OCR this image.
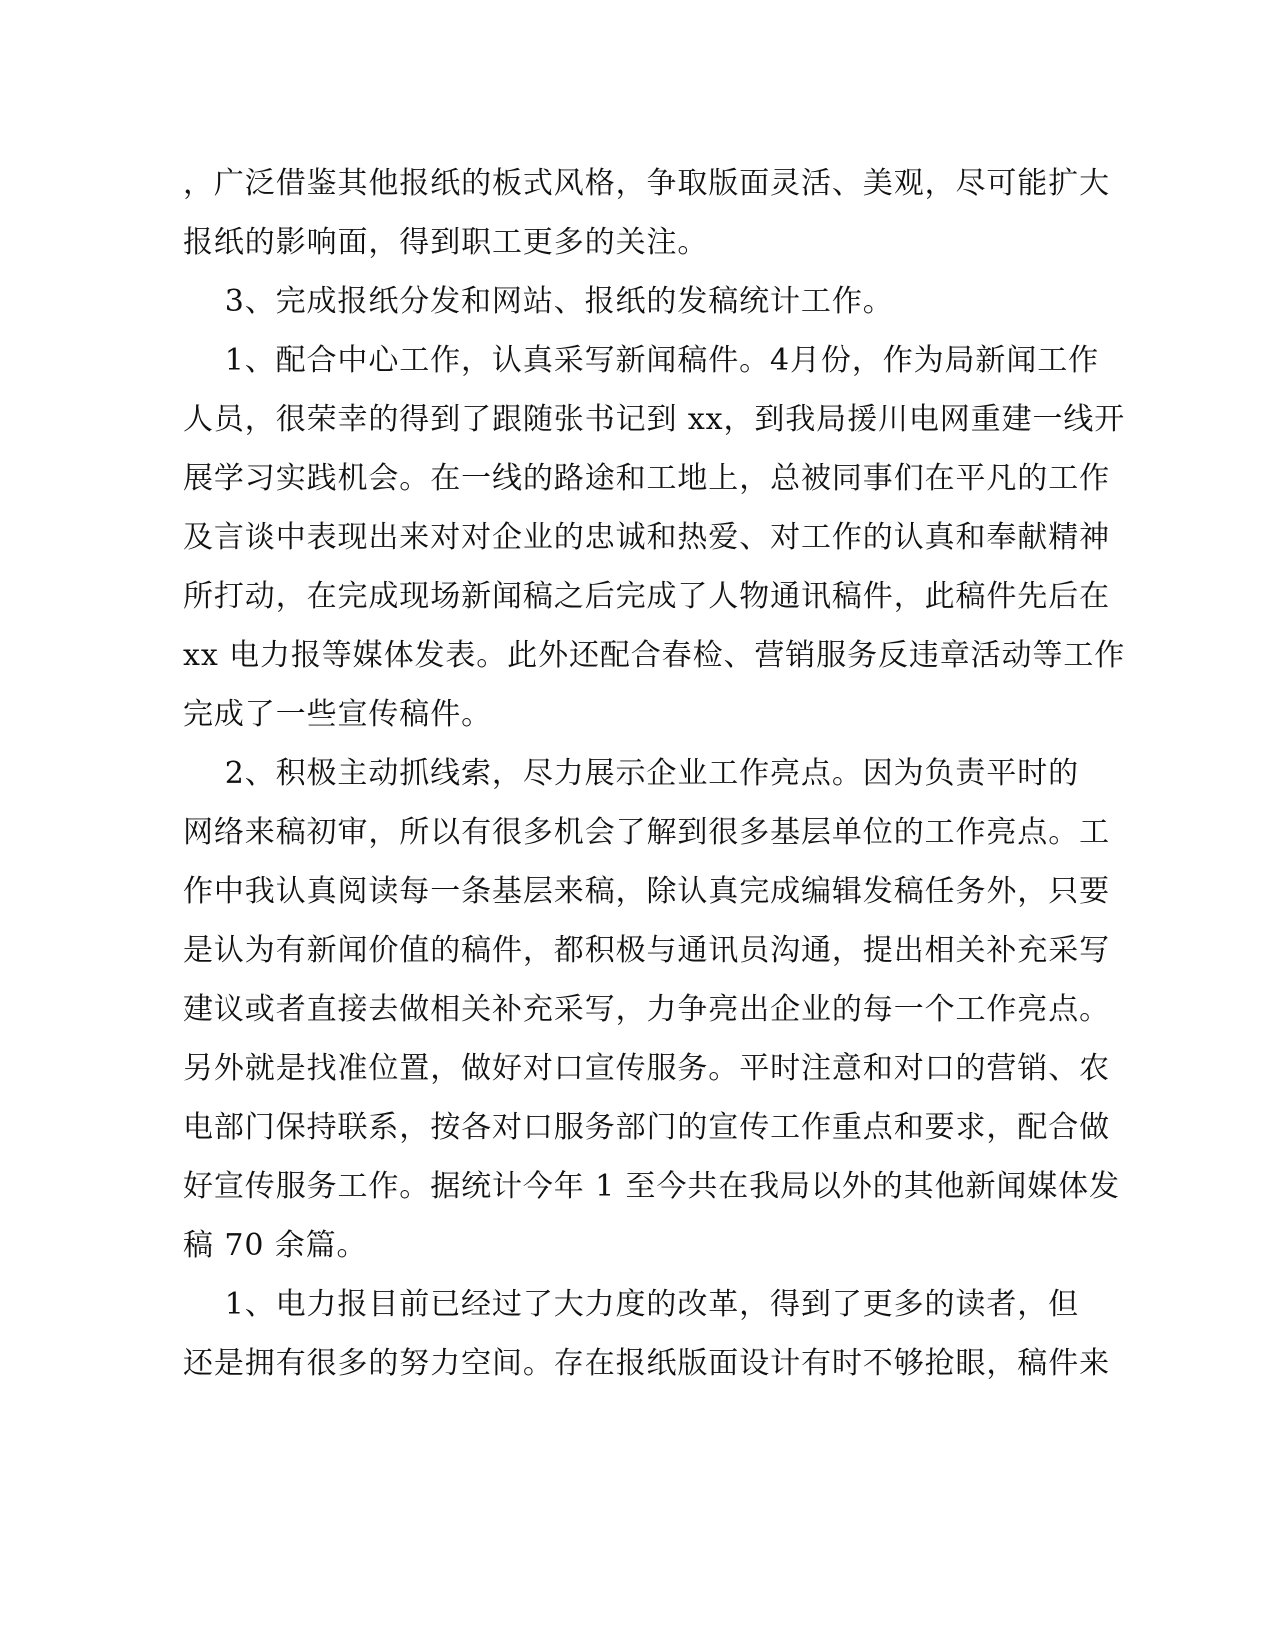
，广泛借鉴其他报纸的板式风格，争取版面灵活、美观，尽可能扩大
报纸的影响面，得到职工更多的关注。
3、完成报纸分发和网站、报纸的发稿统计工作。
1、配合中心工作，认真采写新闻稿件。4月份，作为局新闻工作
人员，很荣幸的得到了跟随张书记到 xx，到我局援川电网重建一线开
展学习实践机会。在一线的路途和工地上，总被同事们在平凡的工作
及言谈中表现出来对对企业的忠诚和热爱、对工作的认真和奉献精神
所打动，在完成现场新闻稿之后完成了人物通讯稿件，此稿件先后在
xx 电力报等媒体发表。此外还配合春检、营销服务反违章活动等工作
完成了一些宣传稿件。
2、积极主动抓线索，尽力展示企业工作亮点。因为负责平时的
网络来稿初审，所以有很多机会了解到很多基层单位的工作亮点。工
作中我认真阅读每一条基层来稿，除认真完成编辑发稿任务外，只要
是认为有新闻价值的稿件，都积极与通讯员沟通，提出相关补充采写
建议或者直接去做相关补充采写，力争亮出企业的每一个工作亮点。
另外就是找准位置，做好对口宣传服务。平时注意和对口的营销、农
电部门保持联系，按各对口服务部门的宣传工作重点和要求，配合做
好宣传服务工作。据统计今年 1 至今共在我局以外的其他新闻媒体发
稿 70 余篇。
1、电力报目前已经过了大力度的改革，得到了更多的读者，但
还是拥有很多的努力空间。存在报纸版面设计有时不够抢眼，稿件来
